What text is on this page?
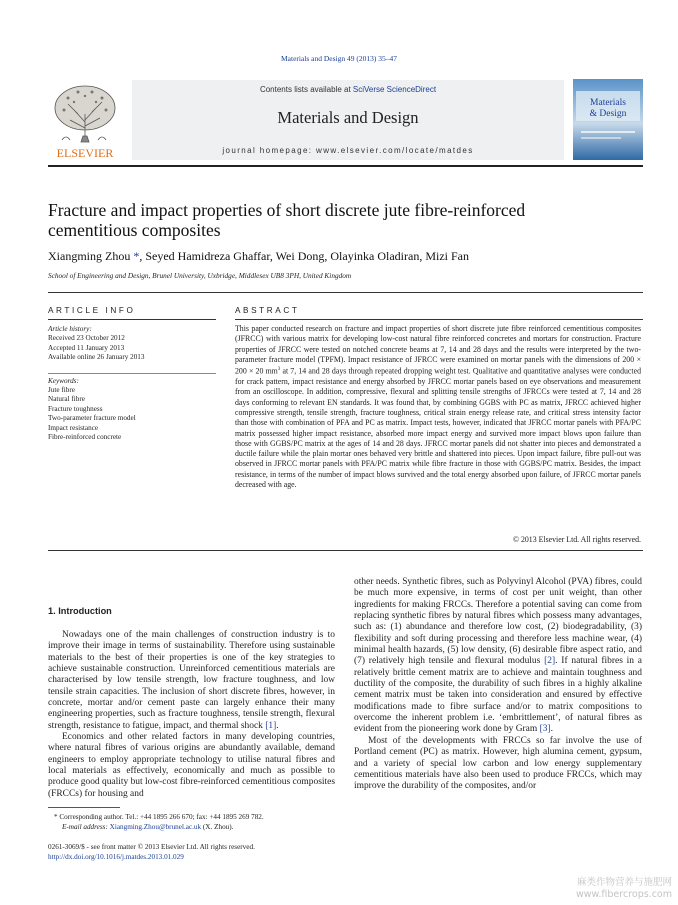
Materials and Design 49 (2013) 35–47
ELSEVIER
Contents lists available at SciVerse ScienceDirect
Materials and Design
journal homepage: www.elsevier.com/locate/matdes
Materials
& Design
Fracture and impact properties of short discrete jute fibre-reinforced cementitious composites
Xiangming Zhou *, Seyed Hamidreza Ghaffar, Wei Dong, Olayinka Oladiran, Mizi Fan
School of Engineering and Design, Brunel University, Uxbridge, Middlesex UB8 3PH, United Kingdom
ARTICLE INFO
Article history:
Received 23 October 2012
Accepted 11 January 2013
Available online 26 January 2013
Keywords:
Jute fibre
Natural fibre
Fracture toughness
Two-parameter fracture model
Impact resistance
Fibre-reinforced concrete
ABSTRACT
This paper conducted research on fracture and impact properties of short discrete jute fibre reinforced cementitious composites (JFRCC) with various matrix for developing low-cost natural fibre reinforced concretes and mortars for construction. Fracture properties of JFRCC were tested on notched concrete beams at 7, 14 and 28 days and the results were interpreted by the two-parameter fracture model (TPFM). Impact resistance of JFRCC were examined on mortar panels with the dimensions of 200 × 200 × 20 $mm^3$ at 7, 14 and 28 days through repeated dropping weight test. Qualitative and quantitative analyses were conducted for crack pattern, impact resistance and energy absorbed by JFRCC mortar panels based on eye observations and measurement from an oscilloscope. In addition, compressive, flexural and splitting tensile strengths of JFRCCs were tested at 7, 14 and 28 days conforming to relevant EN standards. It was found that, by combining GGBS with PC as matrix, JFRCC achieved higher compressive strength, tensile strength, fracture toughness, critical strain energy release rate, and critical stress intensity factor than those with combination of PFA and PC as matrix. Impact tests, however, indicated that JFRCC mortar panels with PFA/PC matrix possessed higher impact resistance, absorbed more impact energy and survived more impact blows upon failure than those with GGBS/PC matrix at the ages of 14 and 28 days. JFRCC mortar panels did not shatter into pieces and demonstrated a ductile failure while the plain mortar ones behaved very brittle and shattered into pieces. Upon impact failure, fibre pull-out was observed in JFRCC mortar panels with PFA/PC matrix while fibre fracture in those with GGBS/PC matrix. Besides, the impact resistance, in terms of the number of impact blows survived and the total energy absorbed upon failure, of JFRCC mortar panels decreased with age.
© 2013 Elsevier Ltd. All rights reserved.
1. Introduction

Nowadays one of the main challenges of construction industry is to improve their image in terms of sustainability. Therefore using sustainable materials to the best of their properties is one of the key strategies to achieve sustainable construction. Unreinforced cementitious materials are characterised by low tensile strength, low fracture toughness, and low tensile strain capacities. The inclusion of short discrete fibres, however, in concrete, mortar and/or cement paste can largely enhance their many engineering properties, such as fracture toughness, tensile strength, flexural strength, resistance to fatigue, impact, and thermal shock [1].

Economics and other related factors in many developing countries, where natural fibres of various origins are abundantly available, demand engineers to employ appropriate technology to utilise natural fibres and local materials as effectively, economically and much as possible to produce good quality but low-cost fibre-reinforced cementitious composites (FRCCs) for housing and

other needs. Synthetic fibres, such as Polyvinyl Alcohol (PVA) fibres, could be much more expensive, in terms of cost per unit weight, than other ingredients for making FRCCs. Therefore a potential saving can come from replacing synthetic fibres by natural fibres which possess many advantages, such as: (1) abundance and therefore low cost, (2) biodegradability, (3) flexibility and soft during processing and therefore less machine wear, (4) minimal health hazards, (5) low density, (6) desirable fibre aspect ratio, and (7) relatively high tensile and flexural modulus [2]. If natural fibres in a relatively brittle cement matrix are to achieve and maintain toughness and ductility of the composite, the durability of such fibres in a highly alkaline cement matrix must be taken into consideration and ensured by effective modifications made to fibre surface and/or to matrix compositions to overcome the inherent problem i.e. ‘embrittlement’, of natural fibres as evident from the pioneering work done by Gram [3].

Most of the developments with FRCCs so far involve the use of Portland cement (PC) as matrix. However, high alumina cement, gypsum, and a variety of special low carbon and low energy supplementary cementitious materials have also been used to produce FRCCs, which may improve the durability of the composites, and/or

* Corresponding author. Tel.: +44 1895 266 670; fax: +44 1895 269 782.
E-mail address: Xiangming.Zhou@brunel.ac.uk (X. Zhou).
0261-3069/$ - see front matter © 2013 Elsevier Ltd. All rights reserved.
http://dx.doi.org/10.1016/j.matdes.2013.01.029
麻类作物营养与施肥网
www.fibercrops.com
